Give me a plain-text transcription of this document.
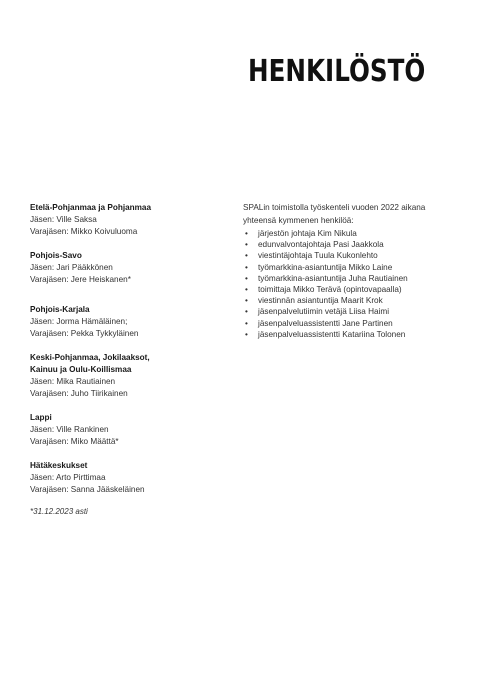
HENKILÖSTÖ
Etelä-Pohjanmaa ja Pohjanmaa
Jäsen: Ville Saksa
Varajäsen: Mikko Koivuluoma
Pohjois-Savo
Jäsen: Jari Pääkkönen
Varajäsen: Jere Heiskanen*
Pohjois-Karjala
Jäsen: Jorma Hämäläinen;
Varajäsen: Pekka Tykkyläinen
Keski-Pohjanmaa, Jokilaaksot,
Kainuu ja Oulu-Koillismaa
Jäsen: Mika Rautiainen
Varajäsen: Juho Tiirikainen
Lappi
Jäsen: Ville Rankinen
Varajäsen: Miko Määttä*
Hätäkeskukset
Jäsen: Arto Pirttimaa
Varajäsen: Sanna Jääskeläinen
*31.12.2023 asti
SPALin toimistolla työskenteli vuoden 2022 aikana
yhteensä kymmenen henkilöä:
• järjestön johtaja Kim Nikula
• edunvalvontajohtaja Pasi Jaakkola
• viestintäjohtaja Tuula Kukonlehto
• työmarkkina-asiantuntija Mikko Laine
• työmarkkina-asiantuntija Juha Rautiainen
• toimittaja Mikko Terävä (opintovapaalla)
• viestinnän asiantuntija Maarit Krok
• jäsenpalvelutiimin vetäjä Liisa Haimi
• jäsenpalveluassistentti Jane Partinen
• jäsenpalveluassistentti Katariina Tolonen
